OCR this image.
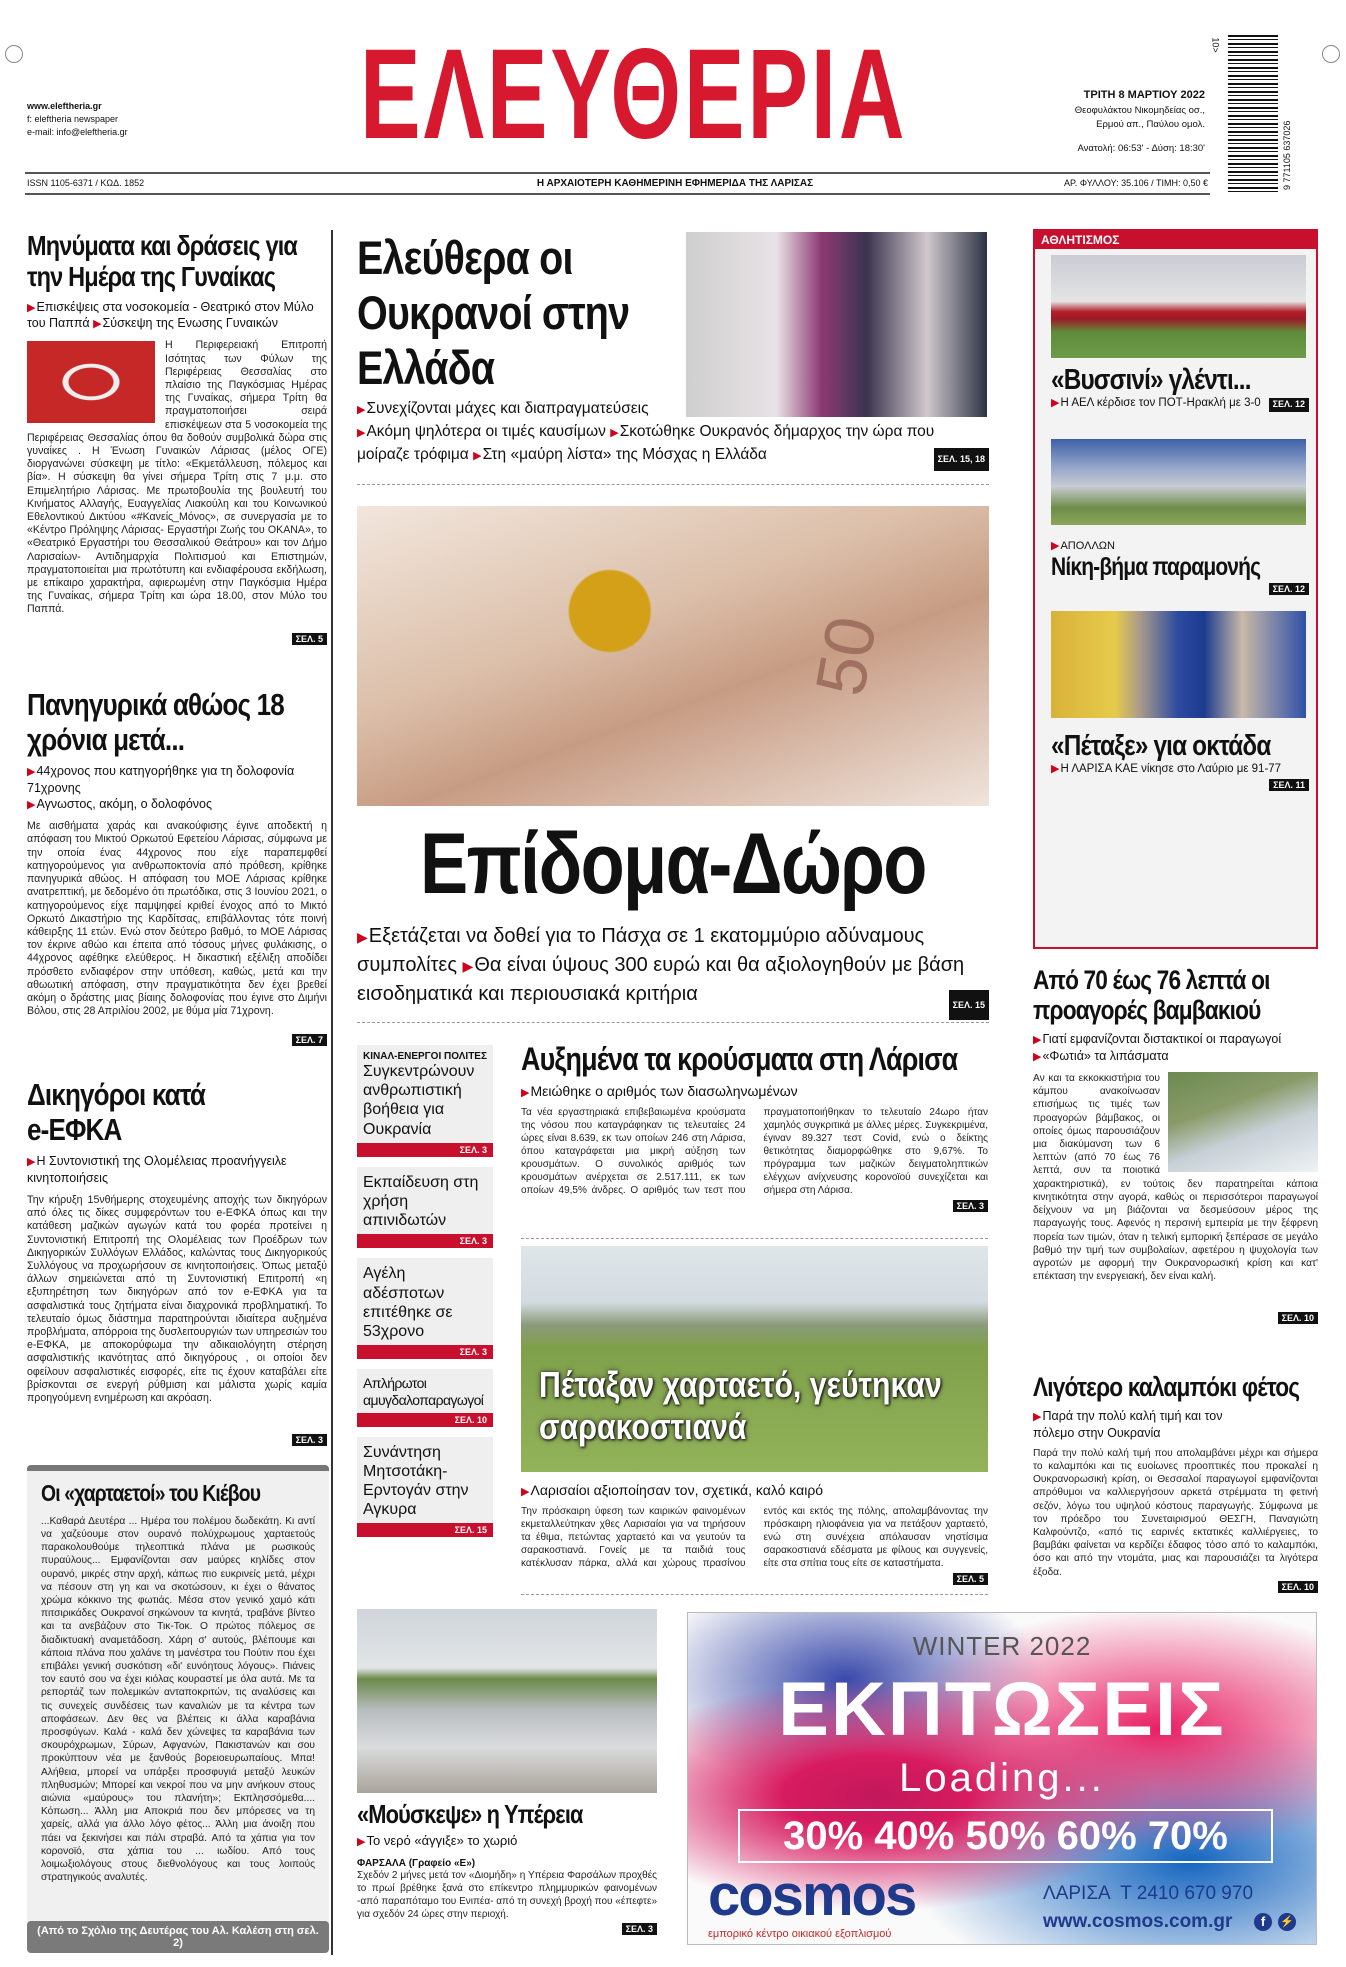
www.eleftheria.gr
f: eleftheria newspaper
e-mail: info@eleftheria.gr ΕΛΕΥΘΕΡΙΑ	ΤΡΙΤΗ 8 ΜΑΡΤΙΟΥ 2022
Θεοφυλάκτου Νικομηδείας οσ.,
Ερμού απ., Παύλου ομολ.
Ανατολή: 06:53' - Δύση: 18:30'	9 771105 637026
10>
ISSN 1105-6371 / ΚΩΔ. 1852	Η ΑΡΧΑΙΟΤΕΡΗ ΚΑΘΗΜΕΡΙΝΗ ΕΦΗΜΕΡΙΔΑ ΤΗΣ ΛΑΡΙΣΑΣ	ΑΡ. ΦΥΛΛΟΥ: 35.106 / ΤΙΜΗ: 0,50 €
Μηνύματα και δράσεις για την Ημέρα της Γυναίκας
▶Επισκέψεις στα νοσοκομεία - Θεατρικό στον Μύλο του Παππά ▶Σύσκεψη της Ενωσης Γυναικών
Η Περιφερειακή Επιτροπή Ισότητας των Φύλων της Περιφέρειας Θεσσαλίας στο πλαίσιο της Παγκόσμιας Ημέρας της Γυναίκας, σήμερα Τρίτη θα πραγματοποιήσει σειρά επισκέψεων στα 5 νοσοκομεία της Περιφέρειας Θεσσαλίας όπου θα δοθούν συμβολικά δώρα στις γυναίκες . Η Ένωση Γυναικών Λάρισας (μέλος ΟΓΕ) διοργανώνει σύσκεψη με τίτλο: «Εκμετάλλευση, πόλεμος και βία». Η σύσκεψη θα γίνει σήμερα Τρίτη στις 7 μ.μ. στο Επιμελητήριο Λάρισας. Με πρωτοβουλία της βουλευτή του Κινήματος Αλλαγής, Ευαγγελίας Λιακούλη και του Κοινωνικού Εθελοντικού Δικτύου «#Κανείς_Μόνος», σε συνεργασία με το «Κέντρο Πρόληψης Λάρισας- Εργαστήρι Ζωής του ΟΚΑΝΑ», το «Θεατρικό Εργαστήρι του Θεσσαλικού Θεάτρου» και τον Δήμο Λαρισαίων- Αντιδημαρχία Πολιτισμού και Επιστημών, πραγματοποιείται μια πρωτότυπη και ενδιαφέρουσα εκδήλωση, με επίκαιρο χαρακτήρα, αφιερωμένη στην Παγκόσμια Ημέρα της Γυναίκας, σήμερα Τρίτη και ώρα 18.00, στον Μύλο του Παππά.
ΣΕΛ. 5
Πανηγυρικά αθώος 18 χρόνια μετά...
▶44χρονος που κατηγορήθηκε για τη δολοφονία 71χρονης
▶Αγνωστος, ακόμη, ο δολοφόνος
Με αισθήματα χαράς και ανακούφισης έγινε αποδεκτή η απόφαση του Μικτού Ορκωτού Εφετείου Λάρισας, σύμφωνα με την οποία ένας 44χρονος που είχε παραπεμφθεί κατηγορούμενος για ανθρωποκτονία από πρόθεση, κρίθηκε πανηγυρικά αθώος. Η απόφαση του ΜΟΕ Λάρισας κρίθηκε ανατρεπτική, με δεδομένο ότι πρωτόδικα, στις 3 Ιουνίου 2021, ο κατηγορούμενος είχε παμψηφεί κριθεί ένοχος από το Μικτό Ορκωτό Δικαστήριο της Καρδίτσας, επιβάλλοντας τότε ποινή κάθειρξης 11 ετών. Ενώ στον δεύτερο βαθμό, το ΜΟΕ Λάρισας τον έκρινε αθώο και έπειτα από τόσους μήνες φυλάκισης, ο 44χρονος αφέθηκε ελεύθερος. Η δικαστική εξέλιξη αποδίδει πρόσθετο ενδιαφέρον στην υπόθεση, καθώς, μετά και την αθωωτική απόφαση, στην πραγματικότητα δεν έχει βρεθεί ακόμη ο δράστης μιας βίαιης δολοφονίας που έγινε στο Διμήνι Βόλου, στις 28 Απριλίου 2002, με θύμα μία 71χρονη.
ΣΕΛ. 7
Δικηγόροι κατά e-ΕΦΚΑ
▶Η Συντονιστική της Ολομέλειας προανήγγειλε κινητοποιήσεις
Την κήρυξη 15νθήμερης στοχευμένης αποχής των δικηγόρων από όλες τις δίκες συμφερόντων του e-ΕΦΚΑ όπως και την κατάθεση μαζικών αγωγών κατά του φορέα προτείνει η Συντονιστική Επιτροπή της Ολομέλειας των Προέδρων των Δικηγορικών Συλλόγων Ελλάδος, καλώντας τους Δικηγορικούς Συλλόγους να προχωρήσουν σε κινητοποιήσεις. Όπως μεταξύ άλλων σημειώνεται από τη Συντονιστική Επιτροπή «η εξυπηρέτηση των δικηγόρων από τον e-ΕΦΚΑ για τα ασφαλιστικά τους ζητήματα είναι διαχρονικά προβληματική. Το τελευταίο όμως διάστημα παρατηρούνται ιδιαίτερα αυξημένα προβλήματα, απόρροια της δυσλειτουργιών των υπηρεσιών του e-ΕΦΚΑ, με αποκορύφωμα την αδικαιολόγητη στέρηση ασφαλιστικής ικανότητας από δικηγόρους , οι οποίοι δεν οφείλουν ασφαλιστικές εισφορές, είτε τις έχουν καταβάλει είτε βρίσκονται σε ενεργή ρύθμιση και μάλιστα χωρίς καμία προηγούμενη ενημέρωση και ακρόαση.
ΣΕΛ. 3
Οι «χαρταετοί» του Κιέβου
...Καθαρά Δευτέρα ... Ημέρα του πολέμου δωδεκάτη. Κι αντί να χαζεύουμε στον ουρανό πολύχρωμους χαρταετούς παρακολουθούμε τηλεοπτικά πλάνα με ρωσικούς πυραύλους... Εμφανίζονται σαν μαύρες κηλίδες στον ουρανό, μικρές στην αρχή, κάπως πιο ευκρινείς μετά, μέχρι να πέσουν στη γη και να σκοτώσουν, κι έχει ο θάνατος χρώμα κόκκινο της φωτιάς. Μέσα στον γενικό χαμό κάτι πιτσιρικάδες Ουκρανοί σηκώνουν τα κινητά, τραβάνε βίντεο και τα ανεβάζουν στο Τικ-Τοκ. Ο πρώτος πόλεμος σε διαδικτυακή αναμετάδοση. Χάρη σ' αυτούς, βλέπουμε και κάποια πλάνα που χαλάνε τη μανέστρα του Πούτιν που έχει επιβάλει γενική συσκότιση «δι' ευνόητους λόγους». Πιάνεις τον εαυτό σου να έχει κιόλας κουραστεί με όλα αυτά. Με τα ρεπορτάζ των πολεμικών ανταποκριτών, τις αναλύσεις και τις συνεχείς συνδέσεις των καναλιών με τα κέντρα των αποφάσεων. Δεν θες να βλέπεις κι άλλα καραβάνια προσφύγων. Καλά - καλά δεν χώνεψες τα καραβάνια των σκουρόχρωμων, Σύρων, Αφγανών, Πακιστανών και σου προκύπτουν νέα με ξανθούς βορειοευρωπαίους. Μπα! Αλήθεια, μπορεί να υπάρξει προσφυγιά μεταξύ λευκών πληθυσμών; Μπορεί και νεκροί που να μην ανήκουν στους αιώνια «μαύρους» του πλανήτη»; Εκπλησσόμεθα.... Κόπωση... Άλλη μια Αποκριά που δεν μπόρεσες να τη χαρείς, αλλά για άλλο λόγο φέτος... Άλλη μια άνοιξη που πάει να ξεκινήσει και πάλι στραβά. Από τα χάπια για τον κορονοϊό, στα χάπια του ... ιωδίου. Από τους λοιμωξιολόγους στους διεθνολόγους και τους λοιπούς στρατηγικούς αναλυτές.
(Από το Σχόλιο της Δευτέρας του Αλ. Καλέση στη σελ. 2)
Ελεύθερα οι Ουκρανοί στην Ελλάδα
▶Συνεχίζονται μάχες και διαπραγματεύσεις
▶Ακόμη ψηλότερα οι τιμές καυσίμων ▶Σκοτώθηκε Ουκρανός δήμαρχος την ώρα που μοίραζε τρόφιμα ▶Στη «μαύρη λίστα» της Μόσχας η Ελλάδα	ΣΕΛ. 15, 18
50
Επίδομα-Δώρο
▶Εξετάζεται να δοθεί για το Πάσχα σε 1 εκατομμύριο αδύναμους συμπολίτες ▶Θα είναι ύψους 300 ευρώ και θα αξιολογηθούν με βάση εισοδηματικά και περιουσιακά κριτήρια	ΣΕΛ. 15
ΚΙΝΑΛ-ΕΝΕΡΓΟΙ ΠΟΛΙΤΕΣ
Συγκεντρώνουν ανθρωπιστική βοήθεια για Ουκρανία
ΣΕΛ. 3
Εκπαίδευση στη χρήση απινιδωτών
ΣΕΛ. 3
Αγέλη αδέσποτων επιτέθηκε σε 53χρονο
ΣΕΛ. 3
Απλήρωτοι αμυγδαλοπαραγωγοί
ΣΕΛ. 10
Συνάντηση Μητσοτάκη-Ερντογάν στην Αγκυρα
ΣΕΛ. 15
Αυξημένα τα κρούσματα στη Λάρισα
▶Μειώθηκε ο αριθμός των διασωληνωμένων
Τα νέα εργαστηριακά επιβεβαιωμένα κρούσματα της νόσου που καταγράφηκαν τις τελευταίες 24 ώρες είναι 8.639, εκ των οποίων 246 στη Λάρισα, όπου καταγράφεται μια μικρή αύξηση των κρουσμάτων. Ο συνολικός αριθμός των κρουσμάτων ανέρχεται σε 2.517.111, εκ των οποίων 49,5% άνδρες. Ο αριθμός των τεστ που πραγματοποιήθηκαν το τελευταίο 24ωρο ήταν χαμηλός συγκριτικά με άλλες μέρες. Συγκεκριμένα, έγιναν 89.327 τεστ Covid, ενώ ο δείκτης θετικότητας διαμορφώθηκε στο 9,67%. Το πρόγραμμα των μαζικών δειγματοληπτικών ελέγχων ανίχνευσης κορονοϊού συνεχίζεται και σήμερα στη Λάρισα.
ΣΕΛ. 3
Πέταξαν χαρταετό, γεύτηκαν σαρακοστιανά
▶Λαρισαίοι αξιοποίησαν τον, σχετικά, καλό καιρό
Την πρόσκαιρη ύφεση των καιρικών φαινομένων εκμεταλλεύτηκαν χθες Λαρισαίοι για να τηρήσουν τα έθιμα, πετώντας χαρταετό και να γευτούν τα σαρακοστιανά. Γονείς με τα παιδιά τους κατέκλυσαν πάρκα, αλλά και χώρους πρασίνου εντός και εκτός της πόλης, απολαμβάνοντας την πρόσκαιρη ηλιοφάνεια για να πετάξουν χαρταετό, ενώ στη συνέχεια απόλαυσαν νηστίσιμα σαρακοστιανά εδέσματα με φίλους και συγγενείς, είτε στα σπίτια τους είτε σε καταστήματα.
ΣΕΛ. 5
«Μούσκεψε» η Υπέρεια
▶Το νερό «άγγιξε» το χωριό
ΦΑΡΣΑΛΑ (Γραφείο «Ε»)
Σχεδόν 2 μήνες μετά τον «Διομήδη» η Υπέρεια Φαρσάλων προχθές το πρωί βρέθηκε ξανά στο επίκεντρο πλημμυρικών φαινομένων -από παραπόταμο του Ενιπέα- από τη συνεχή βροχή που «έπεφτε» για σχεδόν 24 ώρες στην περιοχή.
ΣΕΛ. 3
WINTER 2022
ΕΚΠΤΩΣΕΙΣ
Loading...
30% 40% 50% 60% 70%
cosmos
εμπορικό κέντρο οικιακού εξοπλισμού
ΛΑΡΙΣΑ  T 2410 670 970
www.cosmos.com.gr	f	⚡
ΑΘΛΗΤΙΣΜΟΣ
«Βυσσινί» γλέντι...
ΣΕΛ. 12
▶Η ΑΕΛ κέρδισε τον ΠΟΤ-Ηρακλή με 3-0
▶ΑΠΟΛΛΩΝ
Νίκη-βήμα παραμονής
ΣΕΛ. 12
«Πέταξε» για οκτάδα
▶Η ΛΑΡΙΣΑ ΚΑΕ νίκησε στο Λαύριο με 91-77
ΣΕΛ. 11
Από 70 έως 76 λεπτά οι προαγορές βαμβακιού
▶Γιατί εμφανίζονται διστακτικοί οι παραγωγοί
▶«Φωτιά» τα λιπάσματα
Αν και τα εκκοκκιστήρια του κάμπου ανακοίνωσαν επισήμως τις τιμές των προαγορών βάμβακος, οι οποίες όμως παρουσιάζουν μια διακύμανση των 6 λεπτών (από 70 έως 76 λεπτά, συν τα ποιοτικά χαρακτηριστικά), εν τούτοις δεν παρατηρείται κάποια κινητικότητα στην αγορά, καθώς οι περισσότεροι παραγωγοί δείχνουν να μη βιάζονται να δεσμεύσουν μέρος της παραγωγής τους. Αφενός η περσινή εμπειρία με την ξέφρενη πορεία των τιμών, όταν η τελική εμπορική ξεπέρασε σε μεγάλο βαθμό την τιμή των συμβολαίων, αφετέρου η ψυχολογία των αγροτών με αφορμή την Ουκρανορωσική κρίση και κατ' επέκταση την ενεργειακή, δεν είναι καλή.
ΣΕΛ. 10
Λιγότερο καλαμπόκι φέτος
▶Παρά την πολύ καλή τιμή και τον πόλεμο στην Ουκρανία
Παρά την πολύ καλή τιμή που απολαμβάνει μέχρι και σήμερα το καλαμπόκι και τις ευοίωνες προοπτικές που προκαλεί η Ουκρανορωσική κρίση, οι Θεσσαλοί παραγωγοί εμφανίζονται απρόθυμοι να καλλιεργήσουν αρκετά στρέμματα τη φετινή σεζόν, λόγω του υψηλού κόστους παραγωγής. Σύμφωνα με τον πρόεδρο του Συνεταιρισμού ΘΕΣΓΗ, Παναγιώτη Καλφούντζο, «από τις εαρινές εκτατικές καλλιέργειες, το βαμβάκι φαίνεται να κερδίζει έδαφος τόσο από το καλαμπόκι, όσο και από την ντομάτα, μιας και παρουσιάζει τα λιγότερα έξοδα.
ΣΕΛ. 10
